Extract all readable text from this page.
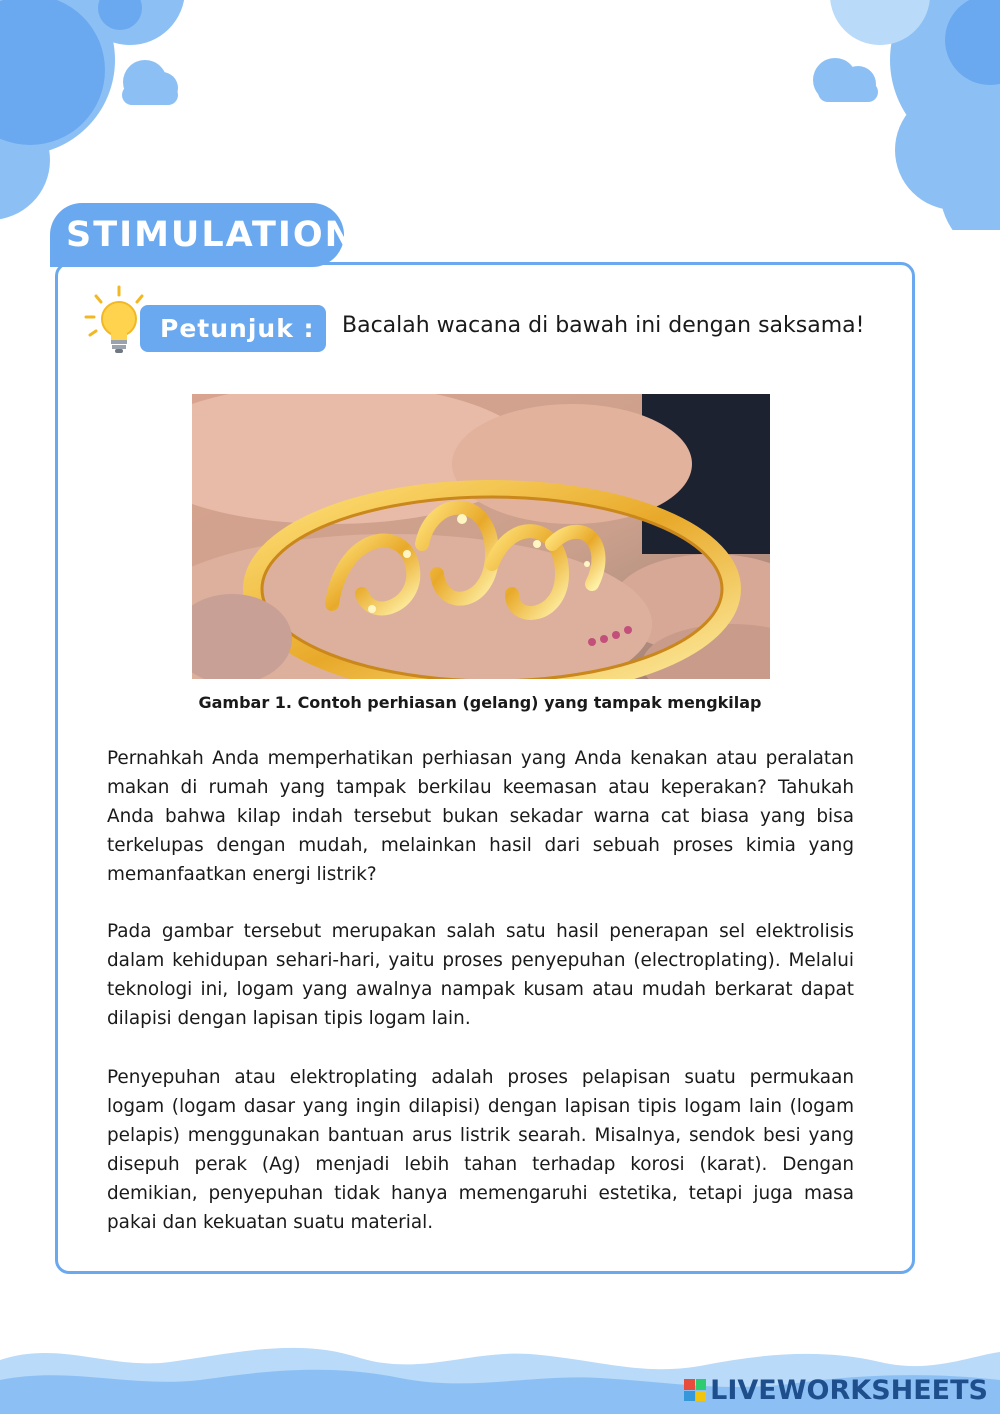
STIMULATION
Petunjuk :	Bacalah wacana di bawah ini dengan saksama!
Gambar 1. Contoh perhiasan (gelang) yang tampak mengkilap

Pernahkah Anda memperhatikan perhiasan yang Anda kenakan atau peralatan makan di rumah yang tampak berkilau keemasan atau keperakan? Tahukah Anda bahwa kilap indah tersebut bukan sekadar warna cat biasa yang bisa terkelupas dengan mudah, melainkan hasil dari sebuah proses kimia yang memanfaatkan energi listrik?

Pada gambar tersebut merupakan salah satu hasil penerapan sel elektrolisis dalam kehidupan sehari-hari, yaitu proses penyepuhan (electroplating). Melalui teknologi ini, logam yang awalnya nampak kusam atau mudah berkarat dapat dilapisi dengan lapisan tipis logam lain.

Penyepuhan atau elektroplating adalah proses pelapisan suatu permukaan logam (logam dasar yang ingin dilapisi) dengan lapisan tipis logam lain (logam pelapis) menggunakan bantuan arus listrik searah. Misalnya, sendok besi yang disepuh perak (Ag) menjadi lebih tahan terhadap korosi (karat). Dengan demikian, penyepuhan tidak hanya memengaruhi estetika, tetapi juga masa pakai dan kekuatan suatu material.

LIVEWORKSHEETS
